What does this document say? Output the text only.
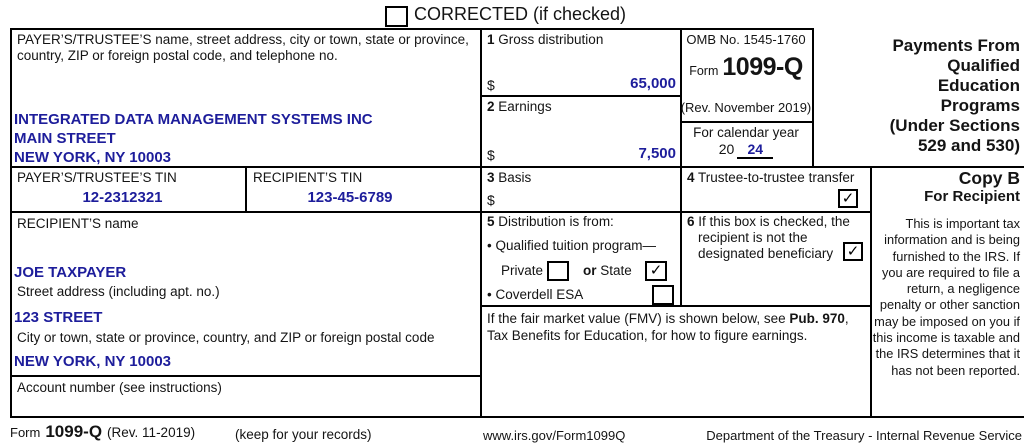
CORRECTED (if checked)
PAYER’S/TRUSTEE’S name, street address, city or town, state or province, country, ZIP or foreign postal code, and telephone no.
INTEGRATED DATA MANAGEMENT SYSTEMS INC
MAIN STREET
NEW YORK, NY 10003
1 Gross distribution
$	65,000
2 Earnings
$	7,500
OMB No. 1545-1760
Form 1099-Q
(Rev. November 2019)
For calendar year
20 24
Payments From
Qualified
Education
Programs
(Under Sections
529 and 530)
PAYER’S/TRUSTEE’S TIN	RECIPIENT’S TIN
12-2312321	123-45-6789
3 Basis
$
4 Trustee-to-trustee transfer
✓
5 Distribution is from:
• Qualified tuition program—
Private	or State	✓
• Coverdell ESA
6 If this box is checked, the recipient is not the designated beneficiary ✓
If the fair market value (FMV) is shown below, see Pub. 970, Tax Benefits for Education, for how to figure earnings.
RECIPIENT’S name
JOE TAXPAYER
Street address (including apt. no.)
123 STREET
City or town, state or province, country, and ZIP or foreign postal code
NEW YORK, NY 10003
Account number (see instructions)
Copy B
For Recipient
This is important tax information and is being furnished to the IRS. If you are required to file a return, a negligence penalty or other sanction may be imposed on you if this income is taxable and the IRS determines that it has not been reported.
Form 1099-Q (Rev. 11-2019)	(keep for your records)	www.irs.gov/Form1099Q	Department of the Treasury - Internal Revenue Service
